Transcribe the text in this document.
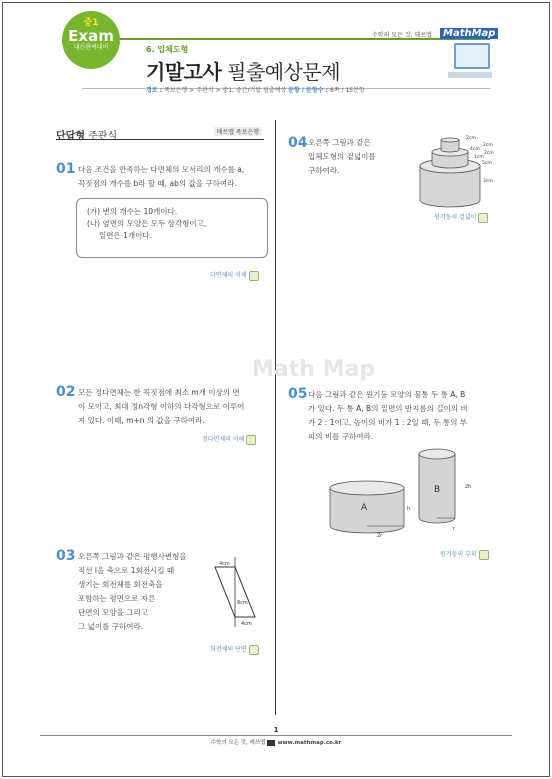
중1
Exam
내신완벽대비	6. 입체도형
기말고사 필출예상문제
수학의 모든 것, 매쓰맵	MathMap
경로 : 족보은행 > 주관식 > 중1, 중간/기말 필출예상 문항 / 문항수 : 6쪽 / 15문항
단답형 주관식	매쓰맵 족보은행
Math Map
01 다음 조건을 만족하는 다면체의 모서리의 개수를 a,
꼭짓점의 개수를 b라 할 때, ab의 값을 구하여라.
(가) 변의 개수는 10개이다.
(나) 옆면의 모양은 모두 삼각형이고,
밑면은 1개이다.
다면체의 이해
02 모든 정다면체는 한 꼭짓점에 최소 m개 이상의 면
이 모이고, 최대 정n각형 이하의 다각형으로 이루어
져 있다. 이때, m+n 의 값을 구하여라.
정다면체의 이해
03 오른쪽 그림과 같은 평행사변형을
직선 l을 축으로 1회전시킬 때
생기는 회전체를 회전축을
포함하는 평면으로 자른
단면의 모양을 그리고
그 넓이를 구하여라.
4cm
8cm
4cm
회전체의 단면
04 오른쪽 그림과 같은
입체도형의 겉넓이를
구하여라.
2cm
4cm
2cm
1cm
2cm
5cm
3cm
원기둥의 겉넓이
05 다음 그림과 같은 원기둥 모양의 물통 두 통 A, B
가 있다. 두 통 A, B의 밑면의 반지름의 길이의 비
가 2 : 1이고, 높이의 비가 1 : 2일 때, 두 통의 부
피의 비를 구하여라.
A
B
h
2r
2h
r
원기둥의 부피
1
수학의 모든 것, 매쓰맵 www.mathmap.co.kr
